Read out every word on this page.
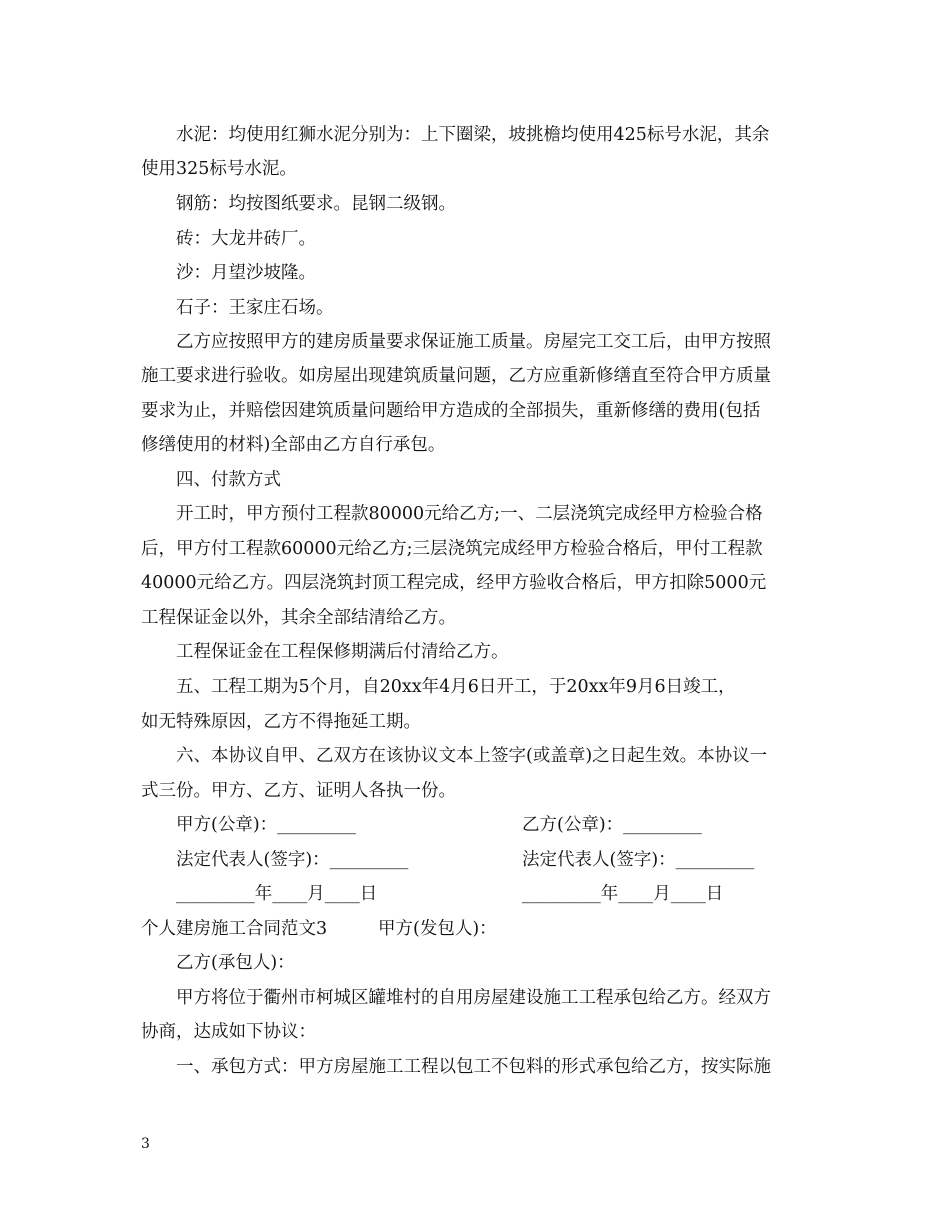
水泥：均使用红狮水泥分别为：上下圈梁，坡挑檐均使用425标号水泥，其余
使用325标号水泥。
钢筋：均按图纸要求。昆钢二级钢。
砖：大龙井砖厂。
沙：月望沙坡隆。
石子：王家庄石场。
乙方应按照甲方的建房质量要求保证施工质量。房屋完工交工后，由甲方按照
施工要求进行验收。如房屋出现建筑质量问题，乙方应重新修缮直至符合甲方质量
要求为止，并赔偿因建筑质量问题给甲方造成的全部损失，重新修缮的费用(包括
修缮使用的材料)全部由乙方自行承包。
四、付款方式
开工时，甲方预付工程款80000元给乙方;一、二层浇筑完成经甲方检验合格
后，甲方付工程款60000元给乙方;三层浇筑完成经甲方检验合格后，甲付工程款
40000元给乙方。四层浇筑封顶工程完成，经甲方验收合格后，甲方扣除5000元
工程保证金以外，其余全部结清给乙方。
工程保证金在工程保修期满后付清给乙方。
五、工程工期为5个月，自20xx年4月6日开工，于20xx年9月6日竣工，
如无特殊原因，乙方不得拖延工期。
六、本协议自甲、乙双方在该协议文本上签字(或盖章)之日起生效。本协议一
式三份。甲方、乙方、证明人各执一份。
甲方(公章)：_________	乙方(公章)：_________
法定代表人(签字)：_________	法定代表人(签字)：_________
_________年____月____日	_________年____月____日
个人建房施工合同范文3	甲方(发包人)：
乙方(承包人)：
甲方将位于衢州市柯城区罐堆村的自用房屋建设施工工程承包给乙方。经双方
协商，达成如下协议：
一、承包方式：甲方房屋施工工程以包工不包料的形式承包给乙方，按实际施
3
